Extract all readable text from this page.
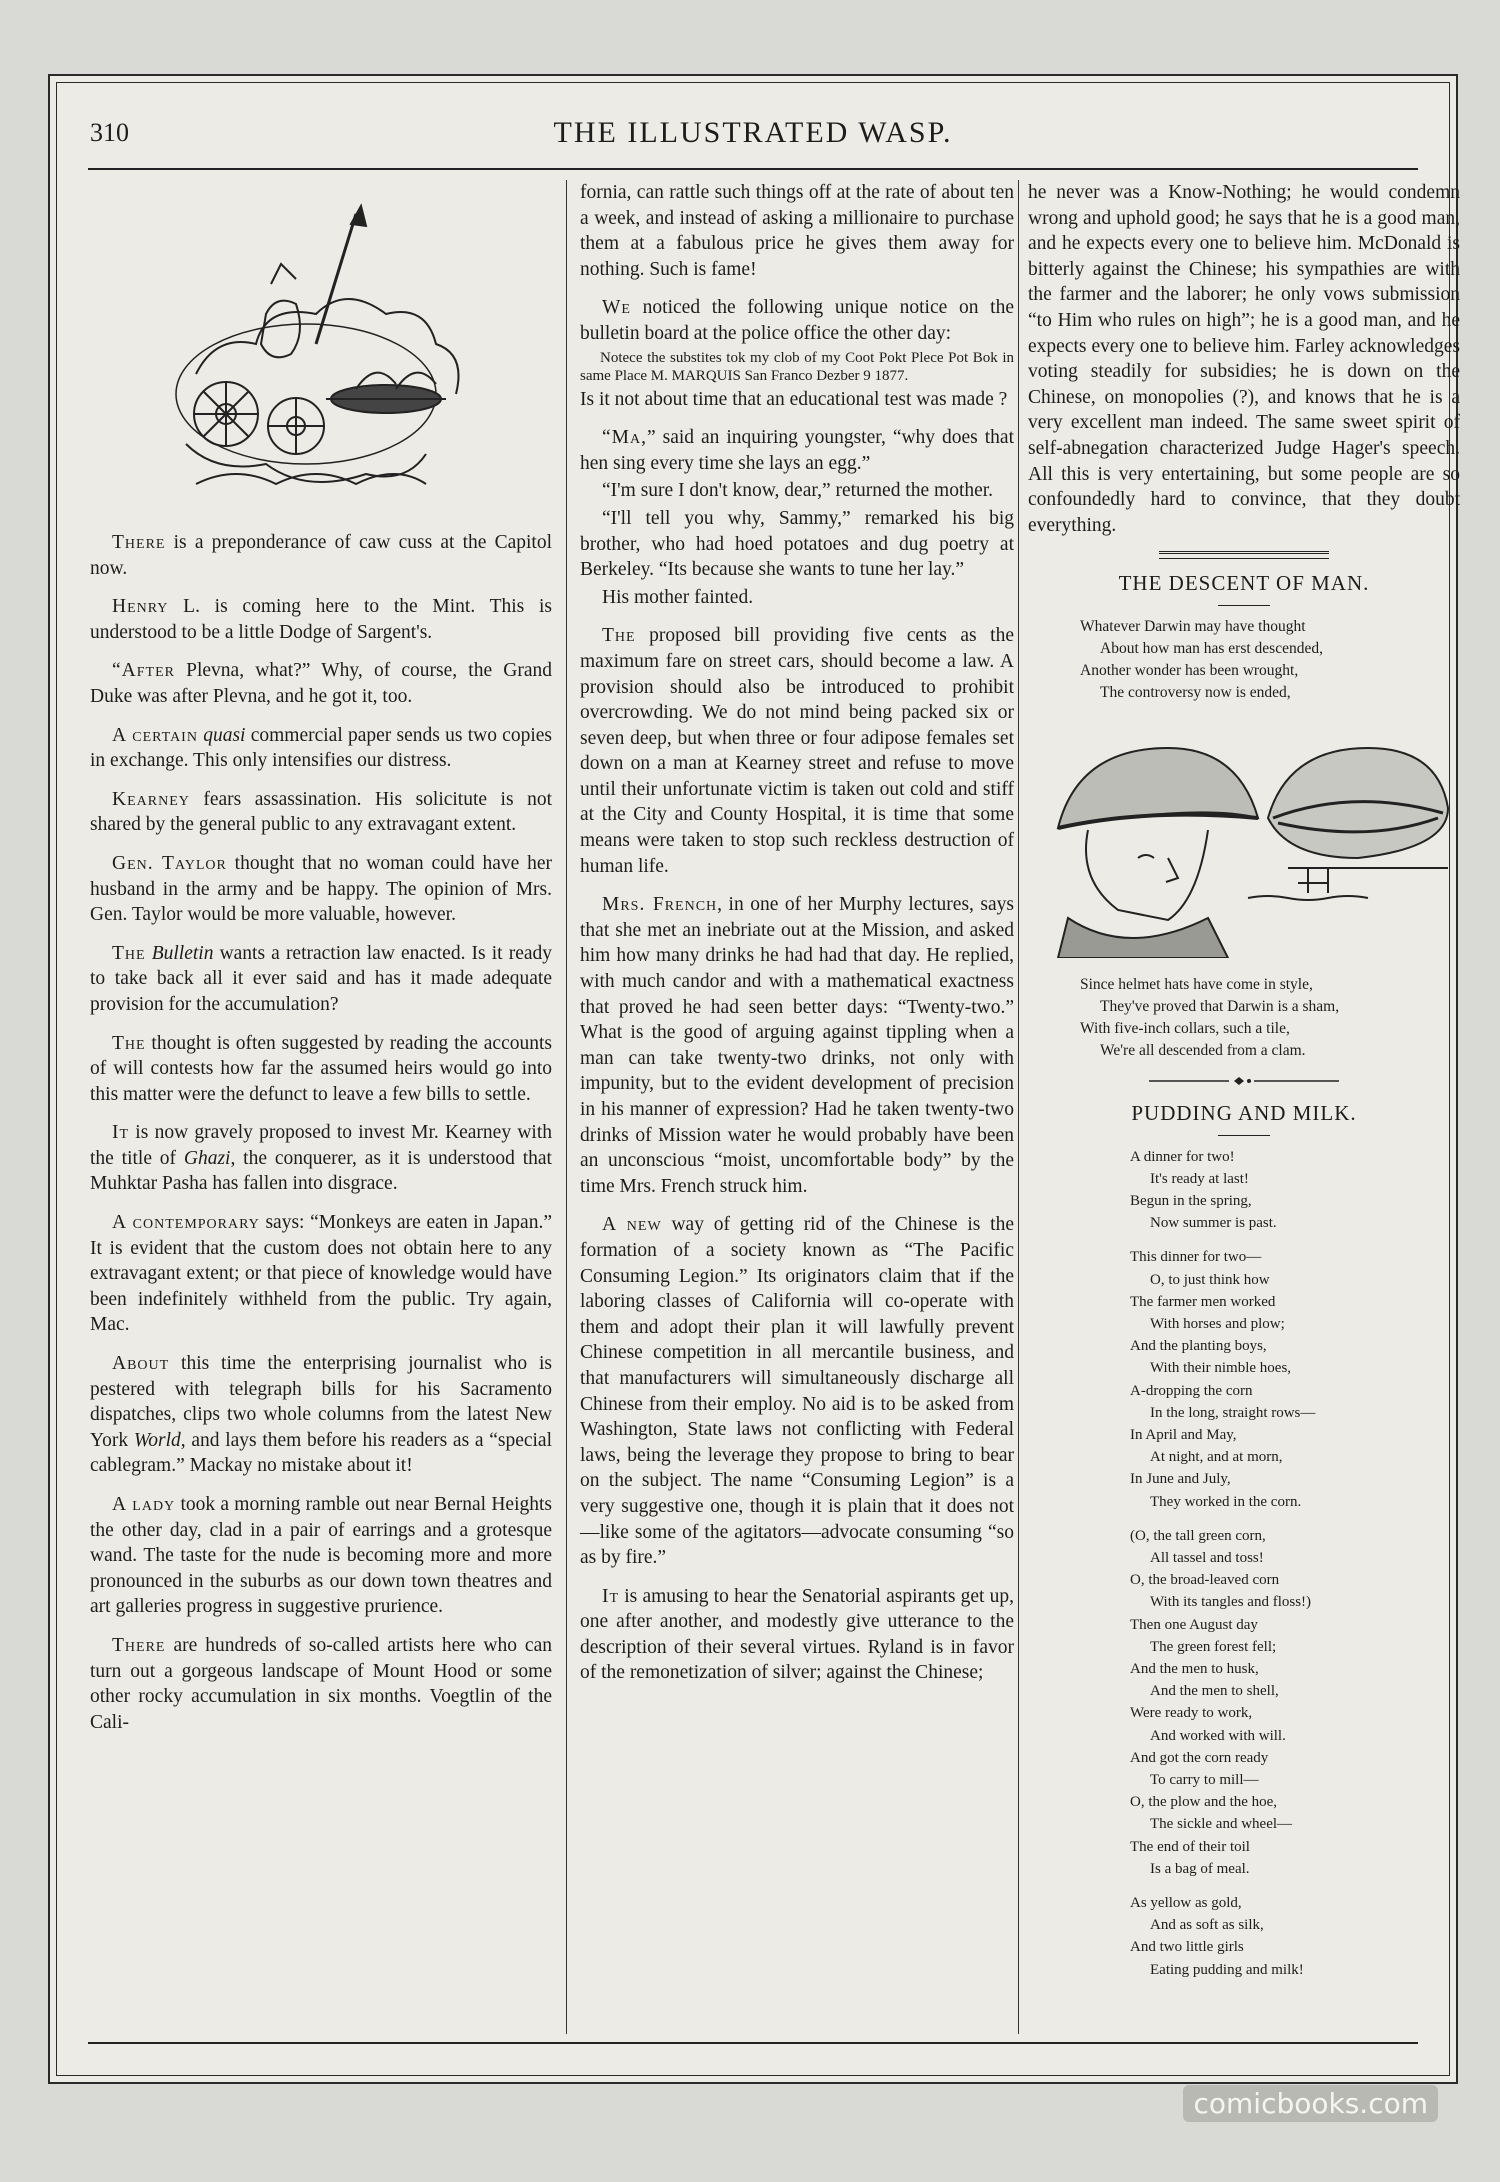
310	THE ILLUSTRATED WASP.

There is a preponderance of caw cuss at the Capitol now.

Henry L. is coming here to the Mint. This is understood to be a little Dodge of Sargent's.

“After Plevna, what?” Why, of course, the Grand Duke was after Plevna, and he got it, too.

A certain quasi commercial paper sends us two copies in exchange. This only intensifies our distress.

Kearney fears assassination. His solicitute is not shared by the general public to any extravagant extent.

Gen. Taylor thought that no woman could have her husband in the army and be happy. The opinion of Mrs. Gen. Taylor would be more valuable, however.

The Bulletin wants a retraction law enacted. Is it ready to take back all it ever said and has it made adequate provision for the accumulation?

The thought is often suggested by reading the accounts of will contests how far the assumed heirs would go into this matter were the defunct to leave a few bills to settle.

It is now gravely proposed to invest Mr. Kearney with the title of Ghazi, the conquerer, as it is understood that Muhktar Pasha has fallen into disgrace.

A contemporary says: “Monkeys are eaten in Japan.” It is evident that the custom does not obtain here to any extravagant extent; or that piece of knowledge would have been indefinitely withheld from the public. Try again, Mac.

About this time the enterprising journalist who is pestered with telegraph bills for his Sacramento dispatches, clips two whole columns from the latest New York World, and lays them before his readers as a “special cablegram.” Mackay no mistake about it!

A lady took a morning ramble out near Bernal Heights the other day, clad in a pair of earrings and a grotesque wand. The taste for the nude is becoming more and more pronounced in the suburbs as our down town theatres and art galleries progress in suggestive prurience.

There are hundreds of so-called artists here who can turn out a gorgeous landscape of Mount Hood or some other rocky accumulation in six months. Voegtlin of the Cali-

fornia, can rattle such things off at the rate of about ten a week, and instead of asking a millionaire to purchase them at a fabulous price he gives them away for nothing. Such is fame!

We noticed the following unique notice on the bulletin board at the police office the other day:

Notece the substites tok my clob of my Coot Pokt Plece Pot Bok in same Place M. MARQUIS San Franco Dezber 9 1877.

Is it not about time that an educational test was made ?

“Ma,” said an inquiring youngster, “why does that hen sing every time she lays an egg.”

“I'm sure I don't know, dear,” returned the mother.

“I'll tell you why, Sammy,” remarked his big brother, who had hoed potatoes and dug poetry at Berkeley. “Its because she wants to tune her lay.”

His mother fainted.

The proposed bill providing five cents as the maximum fare on street cars, should become a law. A provision should also be introduced to prohibit overcrowding. We do not mind being packed six or seven deep, but when three or four adipose females set down on a man at Kearney street and refuse to move until their unfortunate victim is taken out cold and stiff at the City and County Hospital, it is time that some means were taken to stop such reckless destruction of human life.

Mrs. French, in one of her Murphy lectures, says that she met an inebriate out at the Mission, and asked him how many drinks he had had that day. He replied, with much candor and with a mathematical exactness that proved he had seen better days: “Twenty-two.” What is the good of arguing against tippling when a man can take twenty-two drinks, not only with impunity, but to the evident development of precision in his manner of expression? Had he taken twenty-two drinks of Mission water he would probably have been an unconscious “moist, uncomfortable body” by the time Mrs. French struck him.

A new way of getting rid of the Chinese is the formation of a society known as “The Pacific Consuming Legion.” Its originators claim that if the laboring classes of California will co-operate with them and adopt their plan it will lawfully prevent Chinese competition in all mercantile business, and that manufacturers will simultaneously discharge all Chinese from their employ. No aid is to be asked from Washington, State laws not conflicting with Federal laws, being the leverage they propose to bring to bear on the subject. The name “Consuming Legion” is a very suggestive one, though it is plain that it does not—like some of the agitators—advocate consuming “so as by fire.”

It is amusing to hear the Senatorial aspirants get up, one after another, and modestly give utterance to the description of their several virtues. Ryland is in favor of the remonetization of silver; against the Chinese;

he never was a Know-Nothing; he would condemn wrong and uphold good; he says that he is a good man, and he expects every one to believe him. McDonald is bitterly against the Chinese; his sympathies are with the farmer and the laborer; he only vows submission “to Him who rules on high”; he is a good man, and he expects every one to believe him. Farley acknowledges voting steadily for subsidies; he is down on the Chinese, on monopolies (?), and knows that he is a very excellent man indeed. The same sweet spirit of self-abnegation characterized Judge Hager's speech. All this is very entertaining, but some people are so confoundedly hard to convince, that they doubt everything.

THE DESCENT OF MAN.
Whatever Darwin may have thought
About how man has erst descended,
Another wonder has been wrought,
The controversy now is ended,
Since helmet hats have come in style,
They've proved that Darwin is a sham,
With five-inch collars, such a tile,
We're all descended from a clam.
PUDDING AND MILK.
A dinner for two!
It's ready at last!
Begun in the spring,
Now summer is past.
This dinner for two—
O, to just think how
The farmer men worked
With horses and plow;
And the planting boys,
With their nimble hoes,
A-dropping the corn
In the long, straight rows—
In April and May,
At night, and at morn,
In June and July,
They worked in the corn.
(O, the tall green corn,
All tassel and toss!
O, the broad-leaved corn
With its tangles and floss!)
Then one August day
The green forest fell;
And the men to husk,
And the men to shell,
Were ready to work,
And worked with will.
And got the corn ready
To carry to mill—
O, the plow and the hoe,
The sickle and wheel—
The end of their toil
Is a bag of meal.
As yellow as gold,
And as soft as silk,
And two little girls
Eating pudding and milk!
comicbooks.com
